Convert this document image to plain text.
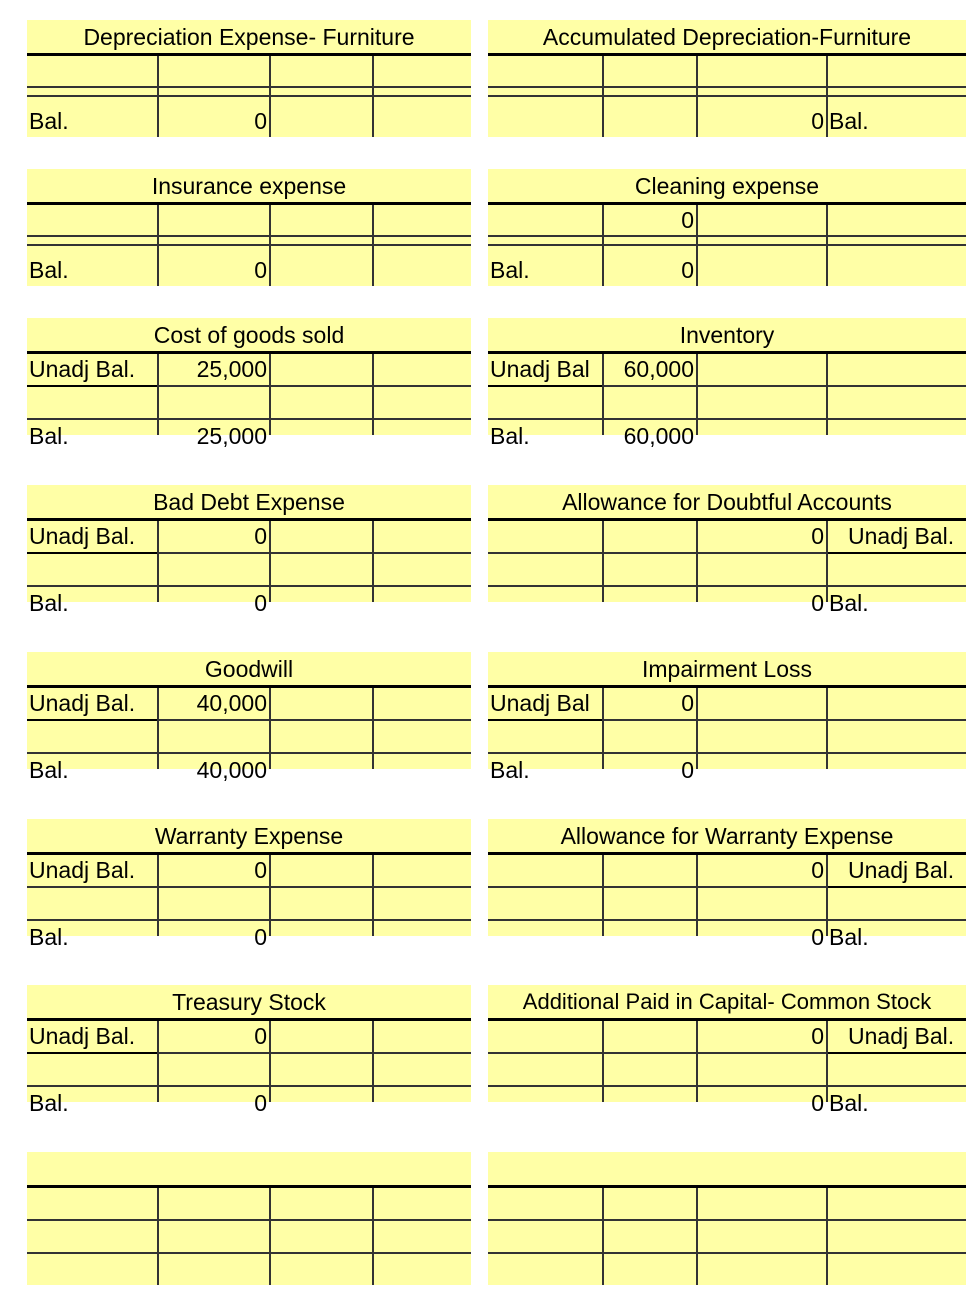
Depreciation Expense- Furniture
Bal.	0
Accumulated Depreciation-Furniture
0 Bal.
Insurance expense
Bal.	0
Cleaning expense
0
Bal.	0
Cost of goods sold
Unadj Bal.	25,000
Bal.	25,000
Inventory
Unadj Bal	60,000
Bal.	60,000
Bad Debt Expense
Unadj Bal.	0
Bal.	0
Allowance for Doubtful Accounts
0 Unadj Bal.
0 Bal.
Goodwill
Unadj Bal.	40,000
Bal.	40,000
Impairment Loss
Unadj Bal	0
Bal.	0
Warranty Expense
Unadj Bal.	0
Bal.	0
Allowance for Warranty Expense
0 Unadj Bal.
0 Bal.
Treasury Stock
Unadj Bal.	0
Bal.	0
Additional Paid in Capital- Common Stock
0 Unadj Bal.
0 Bal.
